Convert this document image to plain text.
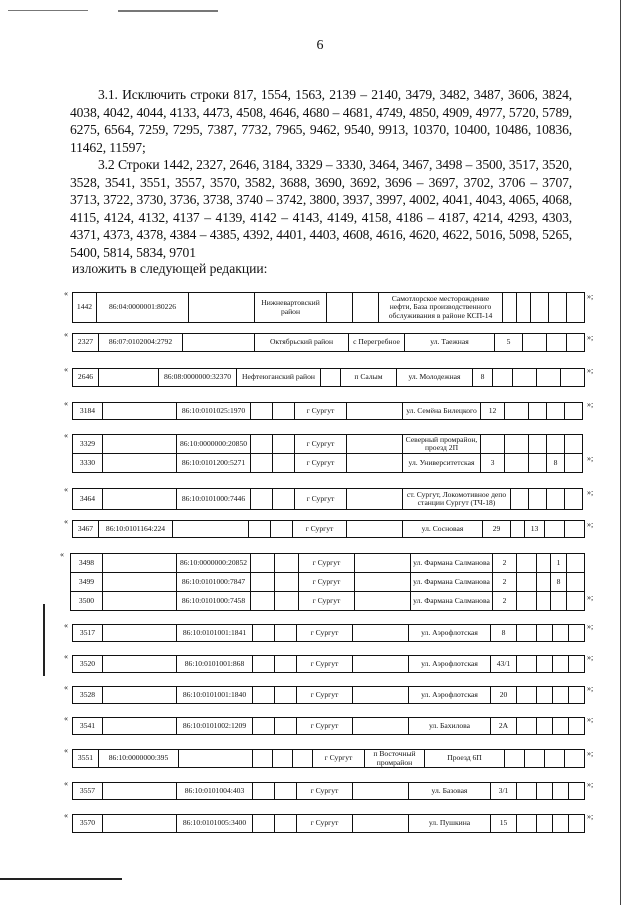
6

3.1. Исключить строки 817, 1554, 1563, 2139 – 2140, 3479, 3482, 3487, 3606, 3824, 4038, 4042, 4044, 4133, 4473, 4508, 4646, 4680 – 4681, 4749, 4850, 4909, 4977, 5720, 5789, 6275, 6564, 7259, 7295, 7387, 7732, 7965, 9462, 9540, 9913, 10370, 10400, 10486, 10836, 11462, 11597;

3.2 Строки 1442, 2327, 2646, 3184, 3329 – 3330, 3464, 3467, 3498 – 3500, 3517, 3520, 3528, 3541, 3551, 3557, 3570, 3582, 3688, 3690, 3692, 3696 – 3697, 3702, 3706 – 3707, 3713, 3722, 3730, 3736, 3738, 3740 – 3742, 3800, 3937, 3997, 4002, 4041, 4043, 4065, 4068, 4115, 4124, 4132, 4137 – 4139, 4142 – 4143, 4149, 4158, 4186 – 4187, 4214, 4293, 4303, 4371, 4373, 4378, 4384 – 4385, 4392, 4401, 4403, 4608, 4616, 4620, 4622, 5016, 5098, 5265, 5400, 5814, 5834, 9701

изложить в следующей редакции:
«
1442	86:04:0000001:80226		Нижневартовский район			Самотлорское месторождение нефти, База производственного обслуживания в районе КСП-14					
»;
«
2327	86:07:0102004:2792		Октябрьский район	с Перегребное	ул. Таежная	5				»;
«
2646		86:08:0000000:32370	Нефтеюганский район		п Салым	ул. Молодежная	8				
»;
«
3184		86:10:0101025:1970			г Сургут		ул. Семёна Билецкого	12				
»;
«
3329		86:10:0000000:20850			г Сургут		Северный промрайон, проезд 2П					
3330		86:10:0101200:5271			г Сургут		ул. Университетская	3			8		»;
«
3464		86:10:0101000:7446			г Сургут		ст. Сургут, Локомотивное депо станции Сургут (ТЧ-18)				
»;
«
3467	86:10:0101164:224				г Сургут		ул. Сосновая	29		13			»;
«
3498		86:10:0000000:20852			г Сургут		ул. Фармана Салманова	2			1	
3499		86:10:0101000:7847			г Сургут		ул. Фармана Салманова	2			8	
3500		86:10:0101000:7458			г Сургут		ул. Фармана Салманова	2					»;
«
3517		86:10:0101001:1841			г Сургут		ул. Аэрофлотская	8				
»;
«
3520		86:10:0101001:868			г Сургут		ул. Аэрофлотская	43/1				
»;
«
3528		86:10:0101001:1840			г Сургут		ул. Аэрофлотская	20				
»;
«
3541		86:10:0101002:1209			г Сургут		ул. Бахилова	2А				
»;
«
3551	86:10:0000000:395					г Сургут	п Восточный промрайон	Проезд 6П					»;
«
3557		86:10:0101004:403			г Сургут		ул. Базовая	3/1				
»;
«
3570		86:10:0101005:3400			г Сургут		ул. Пушкина	15				
»;
